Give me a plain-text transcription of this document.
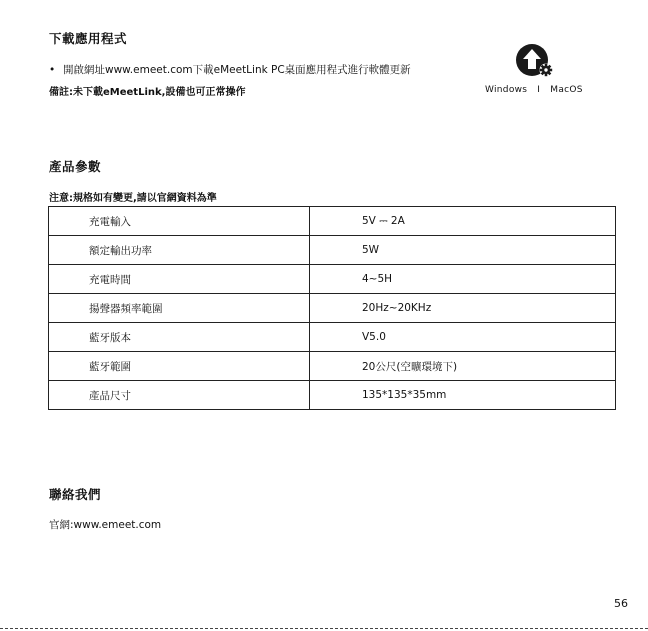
下載應用程式
• 開啟網址www.emeet.com下載eMeetLink PC桌面應用程式進行軟體更新
備註:未下載eMeetLink,設備也可正常操作	Windows I MacOS
產品參數
注意:規格如有變更,請以官網資料為準
充電輸入	5V ⎓ 2A
額定輸出功率	5W
充電時間	4~5H
揚聲器頻率範圍	20Hz~20KHz
藍牙版本	V5.0
藍牙範圍	20公尺(空曠環境下)
產品尺寸	135*135*35mm
聯絡我們
官網:www.emeet.com
56
